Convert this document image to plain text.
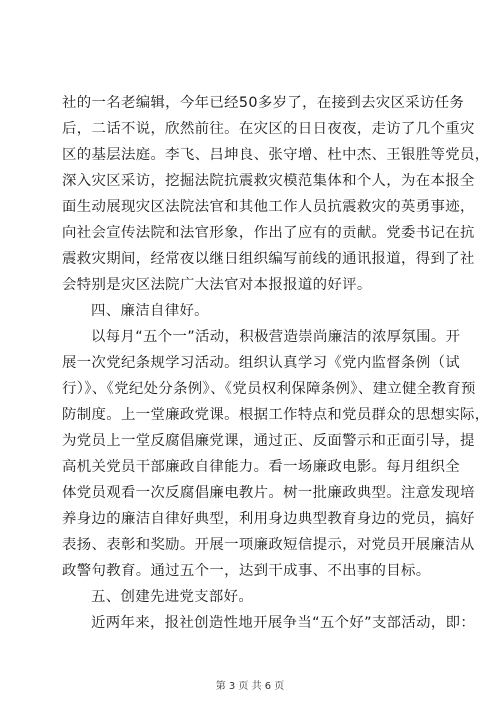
社的一名老编辑，今年已经50多岁了，在接到去灾区采访任务
后，二话不说，欣然前往。在灾区的日日夜夜，走访了几个重灾
区的基层法庭。李飞、吕坤良、张守增、杜中杰、王银胜等党员，
深入灾区采访，挖掘法院抗震救灾模范集体和个人，为在本报全
面生动展现灾区法院法官和其他工作人员抗震救灾的英勇事迹，
向社会宣传法院和法官形象，作出了应有的贡献。党委书记在抗
震救灾期间，经常夜以继日组织编写前线的通讯报道，得到了社
会特别是灾区法院广大法官对本报报道的好评。
四、廉洁自律好。
以每月“五个一”活动，积极营造崇尚廉洁的浓厚氛围。开
展一次党纪条规学习活动。组织认真学习《党内监督条例（试
行）》、《党纪处分条例》、《党员权利保障条例》、建立健全教育预
防制度。上一堂廉政党课。根据工作特点和党员群众的思想实际，
为党员上一堂反腐倡廉党课，通过正、反面警示和正面引导，提
高机关党员干部廉政自律能力。看一场廉政电影。每月组织全
体党员观看一次反腐倡廉电教片。树一批廉政典型。注意发现培
养身边的廉洁自律好典型，利用身边典型教育身边的党员，搞好
表扬、表彰和奖励。开展一项廉政短信提示，对党员开展廉洁从
政警句教育。通过五个一，达到干成事、不出事的目标。
五、创建先进党支部好。
近两年来，报社创造性地开展争当“五个好”支部活动，即：
第 3 页 共 6 页
